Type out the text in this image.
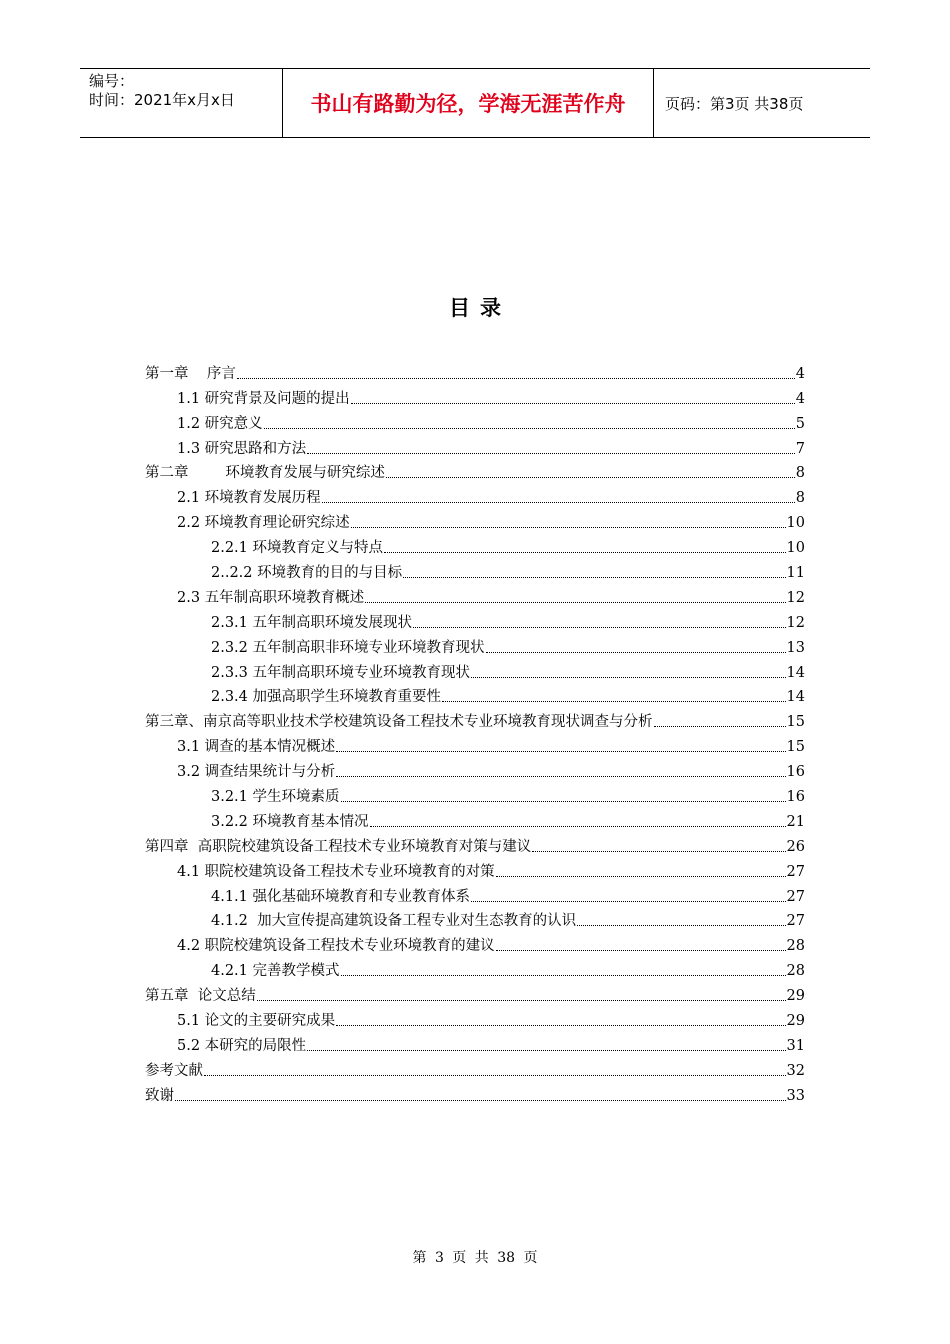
编号：
时间：2021年x月x日	书山有路勤为径，学海无涯苦作舟	页码：第3页 共38页
目录
第一章    序言	4
1.1 研究背景及问题的提出	4
1.2 研究意义	5
1.3 研究思路和方法	7
第二章        环境教育发展与研究综述	8
2.1 环境教育发展历程	8
2.2 环境教育理论研究综述	10
2.2.1 环境教育定义与特点	10
2..2.2 环境教育的目的与目标	11
2.3 五年制高职环境教育概述	12
2.3.1 五年制高职环境发展现状	12
2.3.2 五年制高职非环境专业环境教育现状	13
2.3.3 五年制高职环境专业环境教育现状	14
2.3.4 加强高职学生环境教育重要性	14
第三章、南京高等职业技术学校建筑设备工程技术专业环境教育现状调查与分析	15
3.1 调查的基本情况概述	15
3.2 调查结果统计与分析	16
3.2.1 学生环境素质	16
3.2.2 环境教育基本情况	21
第四章  高职院校建筑设备工程技术专业环境教育对策与建议	26
4.1 职院校建筑设备工程技术专业环境教育的对策	27
4.1.1 强化基础环境教育和专业教育体系	27
4.1.2  加大宣传提高建筑设备工程专业对生态教育的认识	27
4.2 职院校建筑设备工程技术专业环境教育的建议	28
4.2.1 完善教学模式	28
第五章  论文总结	29
5.1 论文的主要研究成果	29
5.2 本研究的局限性	31
参考文献	32
致谢	33
第 3 页 共 38 页
